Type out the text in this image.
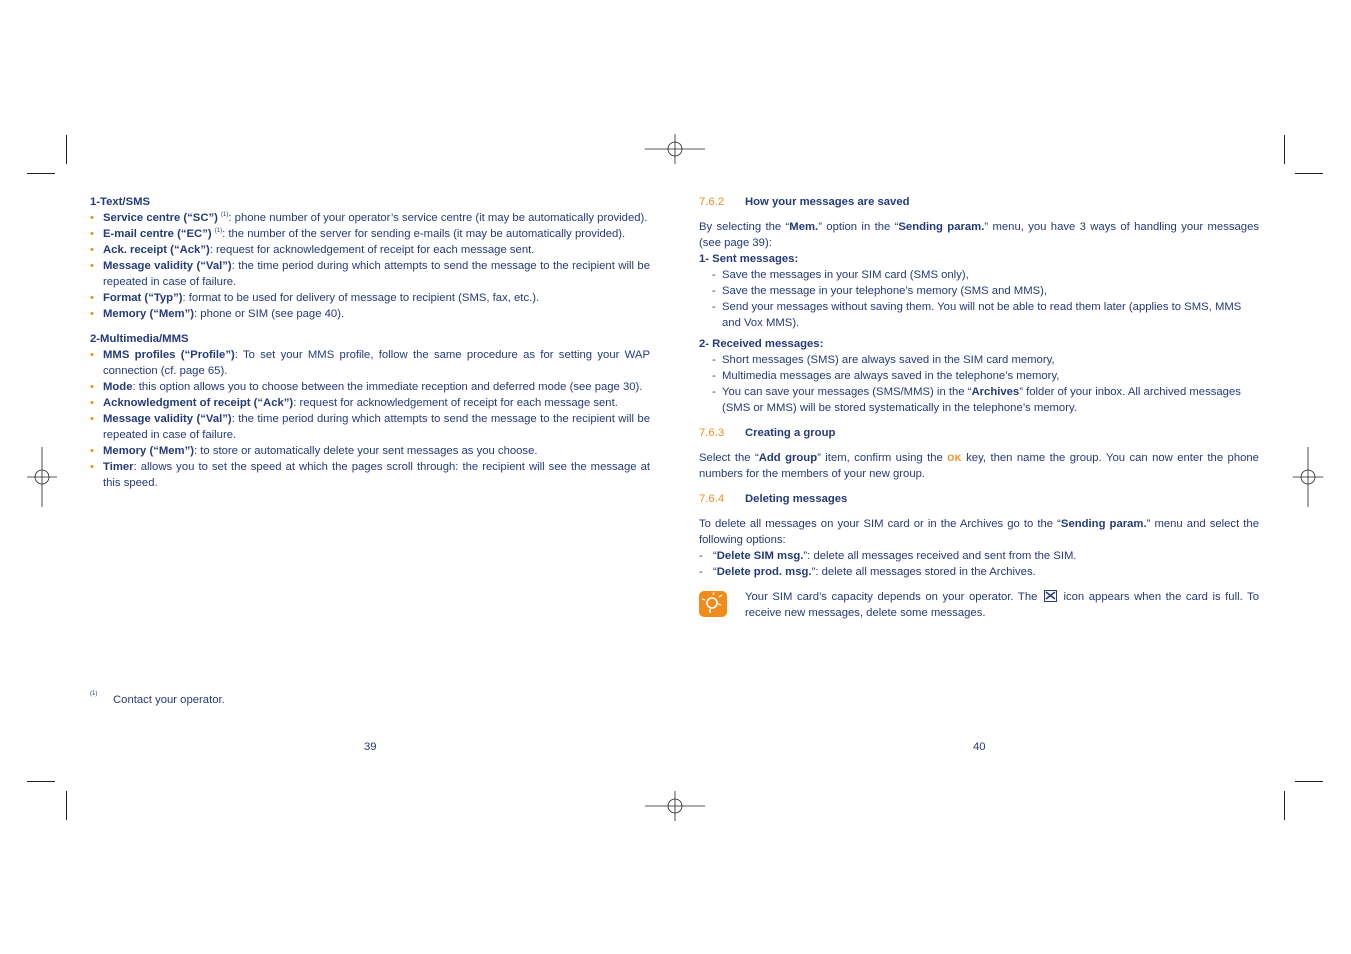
1-Text/SMS

• Service centre (“SC”) $^{(1)}$: phone number of your operator’s service centre (it may be automatically provided).
• E-mail centre (“EC”) $^{(1)}$: the number of the server for sending e-mails (it may be automatically provided).
• Ack. receipt (“Ack”): request for acknowledgement of receipt for each message sent.
• Message validity (“Val”): the time period during which attempts to send the message to the recipient will be repeated in case of failure.
• Format (“Typ”): format to be used for delivery of message to recipient (SMS, fax, etc.).
• Memory (“Mem”): phone or SIM (see page 40).

2-Multimedia/MMS

• MMS profiles (“Profile”): To set your MMS profile, follow the same procedure as for setting your WAP connection (cf. page 65).
• Mode: this option allows you to choose between the immediate reception and deferred mode (see page 30).
• Acknowledgment of receipt (“Ack”): request for acknowledgement of receipt for each message sent.
• Message validity (“Val”): the time period during which attempts to send the message to the recipient will be repeated in case of failure.
• Memory (“Mem”): to store or automatically delete your sent messages as you choose.
• Timer: allows you to set the speed at which the pages scroll through: the recipient will see the message at this speed.
(1)	Contact your operator.
39
7.6.2	How your messages are saved

By selecting the “Mem.” option in the “Sending param.” menu, you have 3 ways of handling your messages (see page 39):

1- Sent messages:

- Save the messages in your SIM card (SMS only),
- Save the message in your telephone’s memory (SMS and MMS),
- Send your messages without saving them. You will not be able to read them later (applies to SMS, MMS and Vox MMS).

2- Received messages:

- Short messages (SMS) are always saved in the SIM card memory,
- Multimedia messages are always saved in the telephone’s memory,
- You can save your messages (SMS/MMS) in the “Archives” folder of your inbox. All archived messages (SMS or MMS) will be stored systematically in the telephone’s memory.
7.6.3	Creating a group

Select the “Add group” item, confirm using the OK key, then name the group. You can now enter the phone numbers for the members of your new group.

7.6.4	Deleting messages

To delete all messages on your SIM card or in the Archives go to the “Sending param.” menu and select the following options:

- “Delete SIM msg.”: delete all messages received and sent from the SIM.
- “Delete prod. msg.”: delete all messages stored in the Archives.

Your SIM card’s capacity depends on your operator. The  icon appears when the card is full. To receive new messages, delete some messages.

40
